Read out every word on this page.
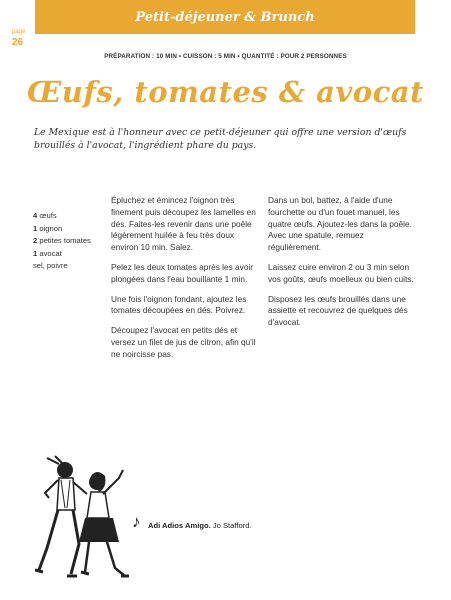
Petit-déjeuner & Brunch
page
26
PRÉPARATION : 10 MIN • CUISSON : 5 MIN • QUANTITÉ : POUR 2 PERSONNES
Œufs, tomates & avocat
Le Mexique est à l'honneur avec ce petit-déjeuner qui offre une version d'œufs brouillés à l'avocat, l'ingrédient phare du pays.
4 œufs
1 oignon
2 petites tomates
1 avocat
sel, poivre

Épluchez et émincez l'oignon très finement puis découpez les lamelles en dés. Faites-les revenir dans une poêle légèrement huilée à feu très doux environ 10 min. Salez.

Pelez les deux tomates après les avoir plongées dans l'eau bouillante 1 min.

Une fois l'oignon fondant, ajoutez les tomates découpées en dés. Poivrez.

Découpez l'avocat en petits dés et versez un filet de jus de citron, afin qu'il ne noircisse pas.

Dans un bol, battez, à l'aide d'une fourchette ou d'un fouet manuel, les quatre œufs. Ajoutez-les dans la poêle. Avec une spatule, remuez régulièrement.

Laissez cuire environ 2 ou 3 min selon vos goûts, œufs moelleux ou bien cuits.

Disposez les œufs brouillés dans une assiette et recouvrez de quelques dés d'avocat.

♪ Adi Adios Amigo. Jo Stafford.
